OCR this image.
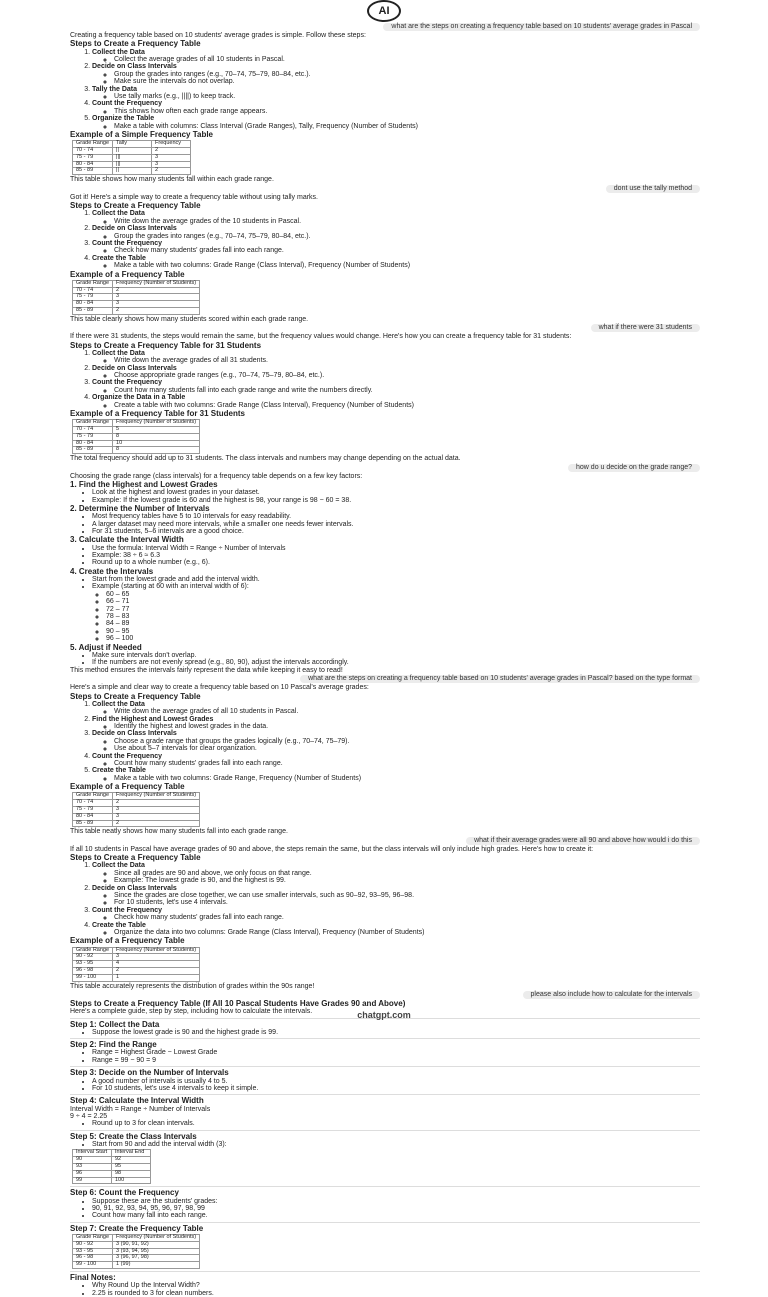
AI
what are the steps on creating a frequency table based on 10 students' average grades in Pascal

Creating a frequency table based on 10 students' average grades is simple. Follow these steps:

Steps to Create a Frequency Table
1. Collect the Data
◦ Collect the average grades of all 10 students in Pascal.
2. Decide on Class Intervals
◦ Group the grades into ranges (e.g., 70–74, 75–79, 80–84, etc.).
◦ Make sure the intervals do not overlap.
3. Tally the Data
◦ Use tally marks (e.g., ||||) to keep track.
4. Count the Frequency
◦ This shows how often each grade range appears.
5. Organize the Table
◦ Make a table with columns: Class Interval (Grade Ranges), Tally, Frequency (Number of Students)
Example of a Simple Frequency Table
Grade Range	Tally	Frequency
70 - 74	||	2
75 - 79	|||	3
80 - 84	|||	3
85 - 89	||	2

This table shows how many students fall within each grade range.

dont use the tally method

Got it! Here's a simple way to create a frequency table without using tally marks.

Steps to Create a Frequency Table
1. Collect the Data
◦ Write down the average grades of the 10 students in Pascal.
2. Decide on Class Intervals
◦ Group the grades into ranges (e.g., 70–74, 75–79, 80–84, etc.).
3. Count the Frequency
◦ Check how many students' grades fall into each range.
4. Create the Table
◦ Make a table with two columns: Grade Range (Class Interval), Frequency (Number of Students)
Example of a Frequency Table
Grade Range	Frequency (Number of Students)
70 - 74	2
75 - 79	3
80 - 84	3
85 - 89	2

This table clearly shows how many students scored within each grade range.

what if there were 31 students

If there were 31 students, the steps would remain the same, but the frequency values would change. Here's how you can create a frequency table for 31 students:

Steps to Create a Frequency Table for 31 Students
1. Collect the Data
◦ Write down the average grades of all 31 students.
2. Decide on Class Intervals
◦ Choose appropriate grade ranges (e.g., 70–74, 75–79, 80–84, etc.).
3. Count the Frequency
◦ Count how many students fall into each grade range and write the numbers directly.
4. Organize the Data in a Table
◦ Create a table with two columns: Grade Range (Class Interval), Frequency (Number of Students)
Example of a Frequency Table for 31 Students
Grade Range	Frequency (Number of Students)
70 - 74	5
75 - 79	8
80 - 84	10
85 - 89	8

The total frequency should add up to 31 students. The class intervals and numbers may change depending on the actual data.

how do u decide on the grade range?

Choosing the grade range (class intervals) for a frequency table depends on a few key factors:

1. Find the Highest and Lowest Grades
• Look at the highest and lowest grades in your dataset.
• Example: If the lowest grade is 60 and the highest is 98, your range is 98 − 60 = 38.
2. Determine the Number of Intervals
• Most frequency tables have 5 to 10 intervals for easy readability.
• A larger dataset may need more intervals, while a smaller one needs fewer intervals.
• For 31 students, 5–6 intervals are a good choice.
3. Calculate the Interval Width
• Use the formula: Interval Width = Range ÷ Number of Intervals
• Example: 38 ÷ 6 ≈ 6.3
• Round up to a whole number (e.g., 6).
4. Create the Intervals
• Start from the lowest grade and add the interval width.
• Example (starting at 60 with an interval width of 6):
◦ 60 – 65
◦ 66 – 71
◦ 72 – 77
◦ 78 – 83
◦ 84 – 89
◦ 90 – 95
◦ 96 – 100
5. Adjust if Needed
• Make sure intervals don't overlap.
• If the numbers are not evenly spread (e.g., 80, 90), adjust the intervals accordingly.

This method ensures the intervals fairly represent the data while keeping it easy to read!

what are the steps on creating a frequency table based on 10 students' average grades in Pascal? based on the type format

Here's a simple and clear way to create a frequency table based on 10 Pascal's average grades:

Steps to Create a Frequency Table
1. Collect the Data
◦ Write down the average grades of all 10 students in Pascal.
2. Find the Highest and Lowest Grades
◦ Identify the highest and lowest grades in the data.
3. Decide on Class Intervals
◦ Choose a grade range that groups the grades logically (e.g., 70–74, 75–79).
◦ Use about 5–7 intervals for clear organization.
4. Count the Frequency
◦ Count how many students' grades fall into each range.
5. Create the Table
◦ Make a table with two columns: Grade Range, Frequency (Number of Students)
Example of a Frequency Table
Grade Range	Frequency (Number of Students)
70 - 74	2
75 - 79	3
80 - 84	3
85 - 89	2

This table neatly shows how many students fall into each grade range.

what if their average grades were all 90 and above how would i do this

If all 10 students in Pascal have average grades of 90 and above, the steps remain the same, but the class intervals will only include high grades. Here's how to create it:

Steps to Create a Frequency Table
1. Collect the Data
◦ Since all grades are 90 and above, we only focus on that range.
◦ Example: The lowest grade is 90, and the highest is 99.
2. Decide on Class Intervals
◦ Since the grades are close together, we can use smaller intervals, such as 90–92, 93–95, 96–98.
◦ For 10 students, let's use 4 intervals.
3. Count the Frequency
◦ Check how many students' grades fall into each range.
4. Create the Table
◦ Organize the data into two columns: Grade Range (Class Interval), Frequency (Number of Students)
Example of a Frequency Table
Grade Range	Frequency (Number of Students)
90 - 92	3
93 - 95	4
96 - 98	2
99 - 100	1

This table accurately represents the distribution of grades within the 90s range!

please also include how to calculate for the intervals
Steps to Create a Frequency Table (If All 10 Pascal Students Have Grades 90 and Above)

Here's a complete guide, step by step, including how to calculate the intervals.

Step 1: Collect the Data
• Suppose the lowest grade is 90 and the highest grade is 99.
Step 2: Find the Range
• Range = Highest Grade − Lowest Grade
• Range = 99 − 90 = 9
Step 3: Decide on the Number of Intervals
• A good number of intervals is usually 4 to 5.
• For 10 students, let's use 4 intervals to keep it simple.
Step 4: Calculate the Interval Width

Interval Width = Range ÷ Number of Intervals

9 ÷ 4 = 2.25

• Round up to 3 for clean intervals.
Step 5: Create the Class Intervals
• Start from 90 and add the interval width (3):
Interval Start	Interval End
90	92
93	95
96	98
99	100
Step 6: Count the Frequency
• Suppose these are the students' grades:
• 90, 91, 92, 93, 94, 95, 96, 97, 98, 99
• Count how many fall into each range.
Step 7: Create the Frequency Table
Grade Range	Frequency (Number of Students)
90 - 92	3 (90, 91, 92)
93 - 95	3 (93, 94, 95)
96 - 98	3 (96, 97, 98)
99 - 100	1 (99)
Final Notes:
• Why Round Up the Interval Width?
• 2.25 is rounded to 3 for clean numbers.
chatgpt.com
